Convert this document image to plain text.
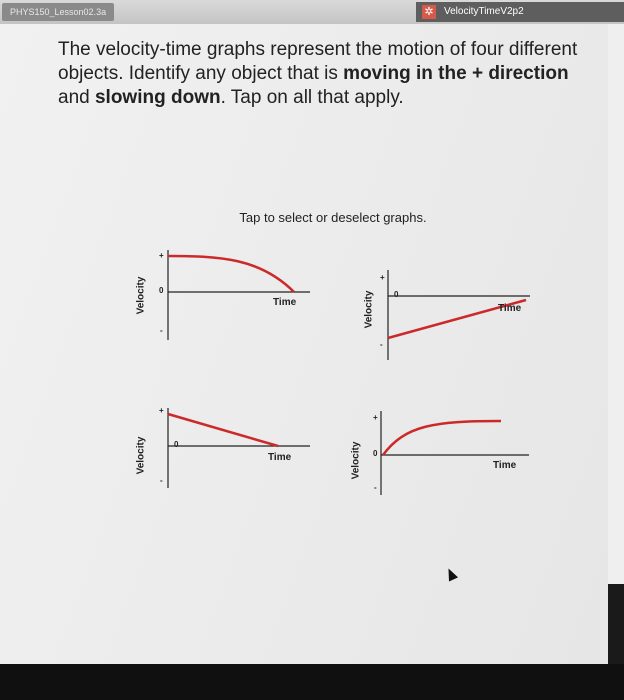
PHYS150_Lesson02.3a	✲ VelocityTimeV2p2
The velocity-time graphs represent the motion of four different objects. Identify any object that is moving in the + direction and slowing down. Tap on all that apply.
Tap to select or deselect graphs.
Velocity
+
0
-
Time	Velocity
+
0
-
Time
Velocity
+
0
-
Time	Velocity
+
0
-
Time
